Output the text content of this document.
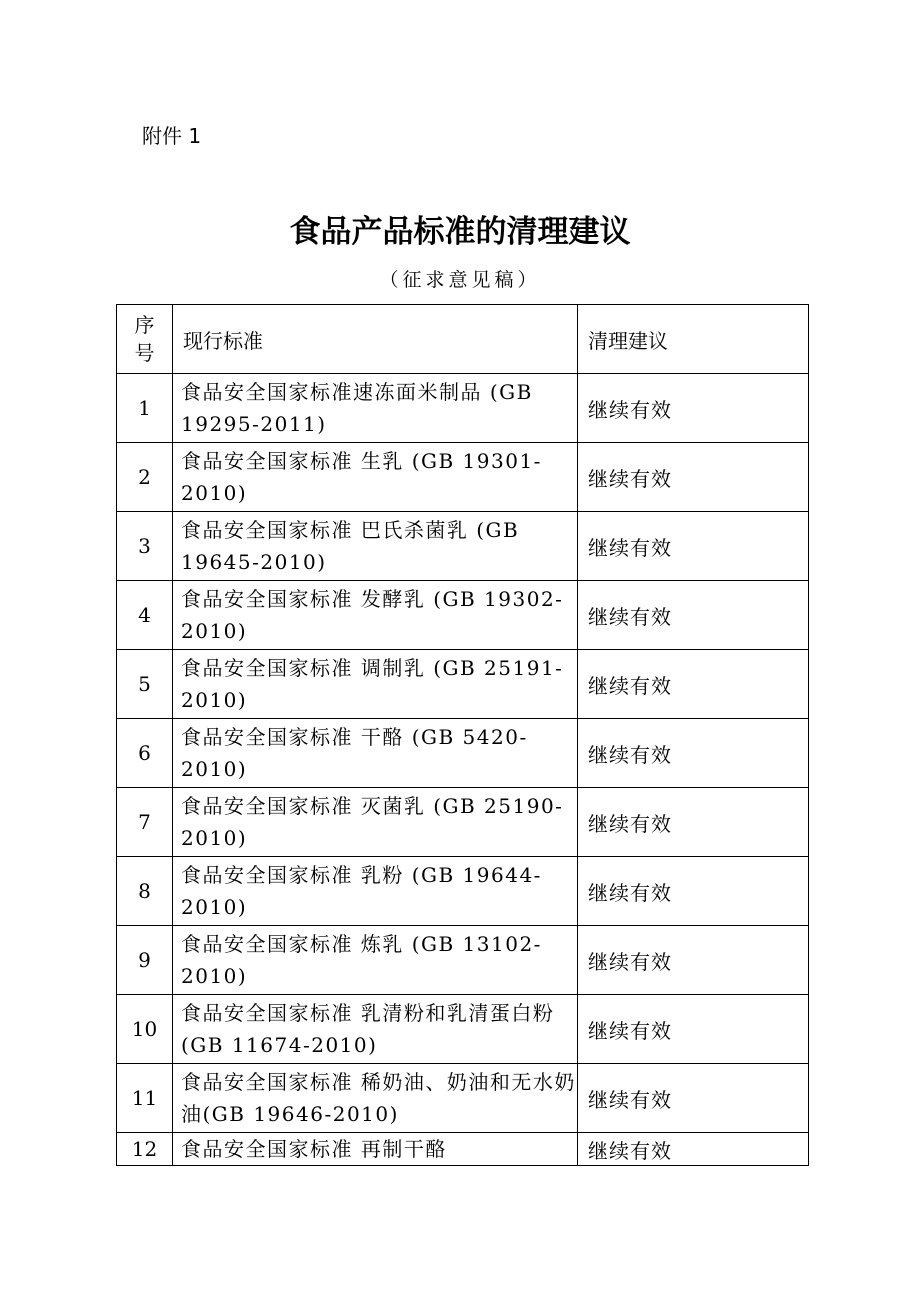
附件 1
食品产品标准的清理建议
（征求意见稿）
序号	现行标准	清理建议
1	食品安全国家标准速冻面米制品 (GB 19295-2011)	继续有效
2	食品安全国家标准 生乳 (GB 19301-2010)	继续有效
3	食品安全国家标准 巴氏杀菌乳 (GB 19645-2010)	继续有效
4	食品安全国家标准 发酵乳 (GB 19302-2010)	继续有效
5	食品安全国家标准 调制乳 (GB 25191-2010)	继续有效
6	食品安全国家标准 干酪 (GB 5420-2010)	继续有效
7	食品安全国家标准 灭菌乳 (GB 25190-2010)	继续有效
8	食品安全国家标准 乳粉 (GB 19644-2010)	继续有效
9	食品安全国家标准 炼乳 (GB 13102-2010)	继续有效
10	食品安全国家标准 乳清粉和乳清蛋白粉(GB 11674-2010)	继续有效
11	食品安全国家标准 稀奶油、奶油和无水奶油(GB 19646-2010)	继续有效
12	食品安全国家标准 再制干酪	继续有效
